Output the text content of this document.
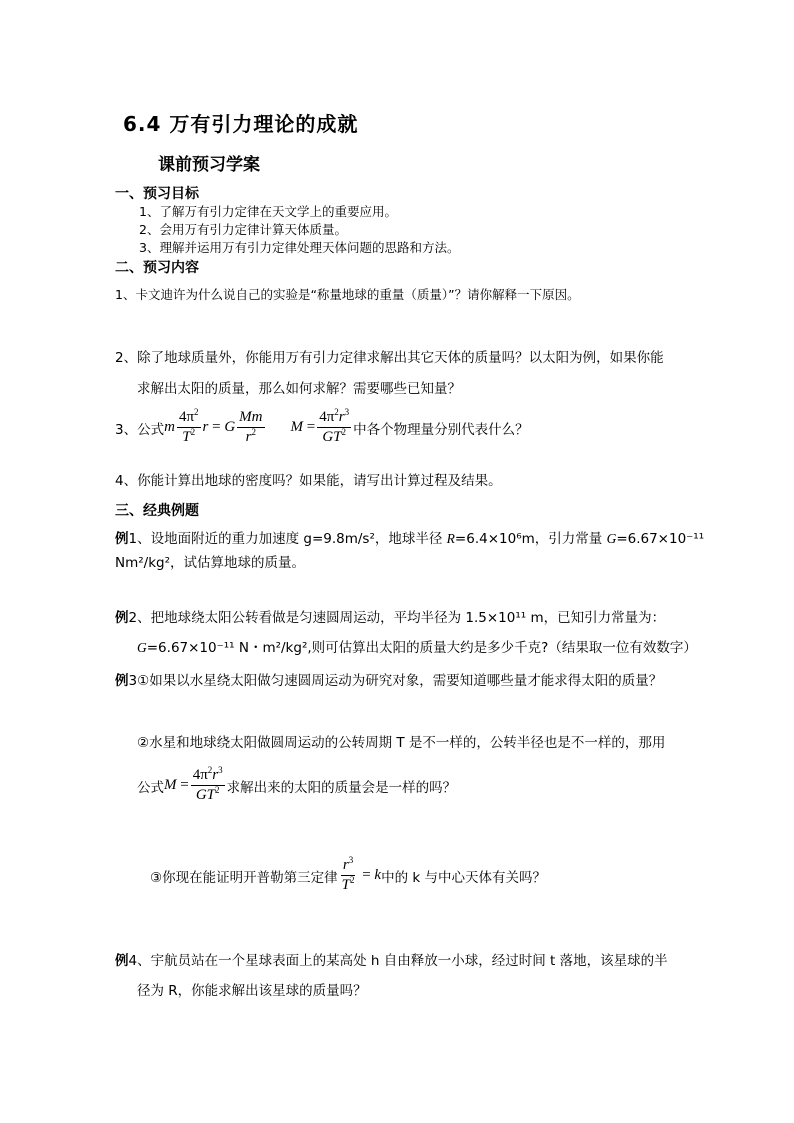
6.4 万有引力理论的成就
课前预习学案
一、预习目标
1、了解万有引力定律在天文学上的重要应用。
2、会用万有引力定律计算天体质量。
3、理解并运用万有引力定律处理天体问题的思路和方法。
二、预习内容
1、卡文迪许为什么说自己的实验是“称量地球的重量（质量）”？请你解释一下原因。
2、除了地球质量外，你能用万有引力定律求解出其它天体的质量吗？以太阳为例，如果你能
求解出太阳的质量，那么如何求解？需要哪些已知量？
3、公式 m $\frac{4\pi^2}{T^2}$ r = G $\frac{Mm}{r^2}$ $M = \frac{4\pi^2r^3}{GT^2}$ 中各个物理量分别代表什么？
4、你能计算出地球的密度吗？如果能，请写出计算过程及结果。
三、经典例题
例1、设地面附近的重力加速度 g=9.8m/s²，地球半径 R=6.4×10⁶m，引力常量 G=6.67×10⁻¹¹
Nm²/kg²，试估算地球的质量。
例2、把地球绕太阳公转看做是匀速圆周运动，平均半径为 1.5×10¹¹ m，已知引力常量为：
G=6.67×10⁻¹¹ N・m²/kg²,则可估算出太阳的质量大约是多少千克?（结果取一位有效数字）
例3①如果以水星绕太阳做匀速圆周运动为研究对象，需要知道哪些量才能求得太阳的质量？
②水星和地球绕太阳做圆周运动的公转周期 T 是不一样的，公转半径也是不一样的，那用
公式 $M = \frac{4\pi^2r^3}{GT^2}$ 求解出来的太阳的质量会是一样的吗？
③你现在能证明开普勒第三定律 $\frac{r^3}{T^2} = k$ 中的 k 与中心天体有关吗？
例4、宇航员站在一个星球表面上的某高处 h 自由释放一小球，经过时间 t 落地，该星球的半
径为 R，你能求解出该星球的质量吗？
